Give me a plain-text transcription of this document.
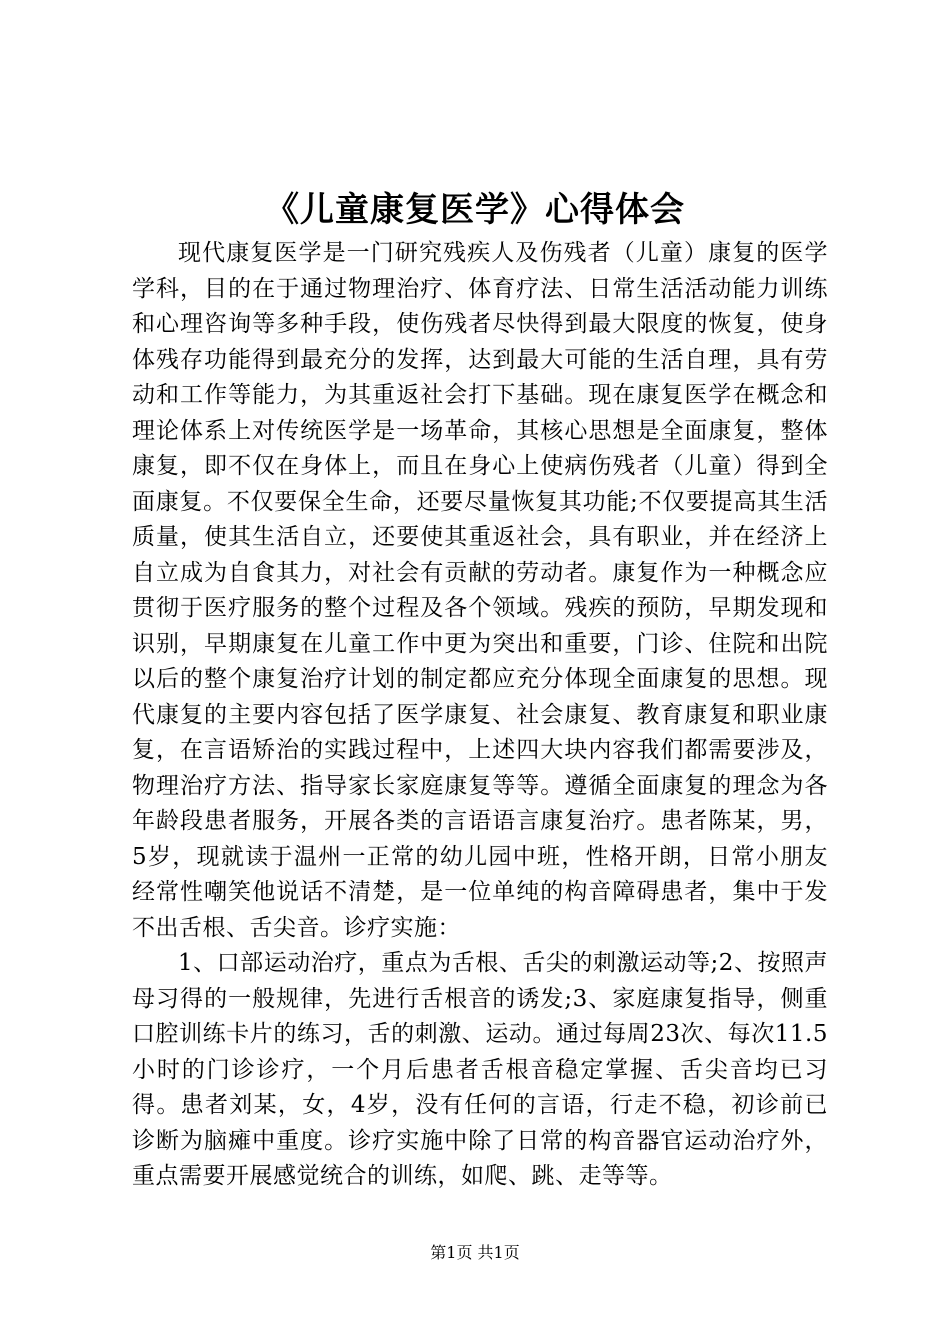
《儿童康复医学》心得体会

现代康复医学是一门研究残疾人及伤残者（儿童）康复的医学学科，目的在于通过物理治疗、体育疗法、日常生活活动能力训练和心理咨询等多种手段，使伤残者尽快得到最大限度的恢复，使身体残存功能得到最充分的发挥，达到最大可能的生活自理，具有劳动和工作等能力，为其重返社会打下基础。现在康复医学在概念和理论体系上对传统医学是一场革命，其核心思想是全面康复，整体康复，即不仅在身体上，而且在身心上使病伤残者（儿童）得到全面康复。不仅要保全生命，还要尽量恢复其功能;不仅要提高其生活质量，使其生活自立，还要使其重返社会，具有职业，并在经济上自立成为自食其力，对社会有贡献的劳动者。康复作为一种概念应贯彻于医疗服务的整个过程及各个领域。残疾的预防，早期发现和识别，早期康复在儿童工作中更为突出和重要，门诊、住院和出院以后的整个康复治疗计划的制定都应充分体现全面康复的思想。现代康复的主要内容包括了医学康复、社会康复、教育康复和职业康复，在言语矫治的实践过程中，上述四大块内容我们都需要涉及，物理治疗方法、指导家长家庭康复等等。遵循全面康复的理念为各年龄段患者服务，开展各类的言语语言康复治疗。患者陈某，男，5岁，现就读于温州一正常的幼儿园中班，性格开朗，日常小朋友经常性嘲笑他说话不清楚，是一位单纯的构音障碍患者，集中于发不出舌根、舌尖音。诊疗实施：

1、口部运动治疗，重点为舌根、舌尖的刺激运动等;2、按照声母习得的一般规律，先进行舌根音的诱发;3、家庭康复指导，侧重口腔训练卡片的练习，舌的刺激、运动。通过每周23次、每次11.5小时的门诊诊疗，一个月后患者舌根音稳定掌握、舌尖音均已习得。患者刘某，女，4岁，没有任何的言语，行走不稳，初诊前已诊断为脑瘫中重度。诊疗实施中除了日常的构音器官运动治疗外，重点需要开展感觉统合的训练，如爬、跳、走等等。

第1页 共1页
